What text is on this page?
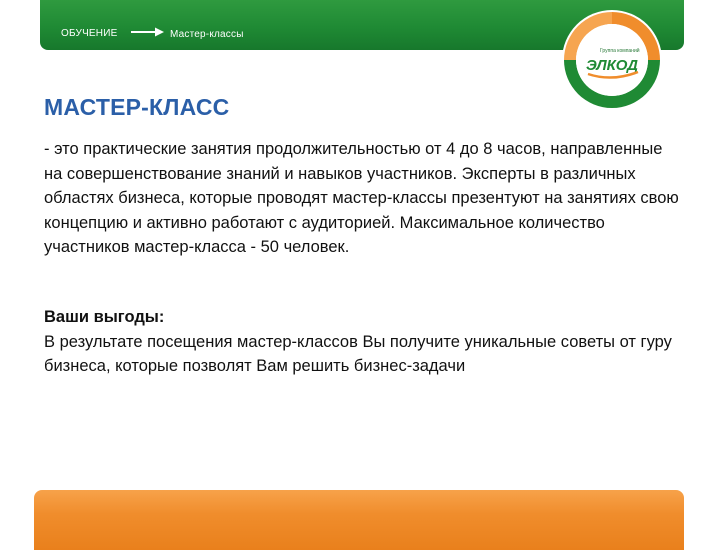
ОБУЧЕНИЕ	Мастер-классы
Группа компаний
ЭЛКОД
МАСТЕР-КЛАСС

- это практические занятия продолжительностью от 4 до 8 часов, направленные на совершенствование знаний и навыков участников. Эксперты в различных областях бизнеса, которые проводят мастер-классы презентуют на занятиях свою концепцию и активно работают с аудиторией. Максимальное количество участников мастер-класса - 50 человек.

Ваши выгоды:
В результате посещения мастер-классов Вы получите уникальные советы от гуру бизнеса, которые позволят Вам решить бизнес-задачи
